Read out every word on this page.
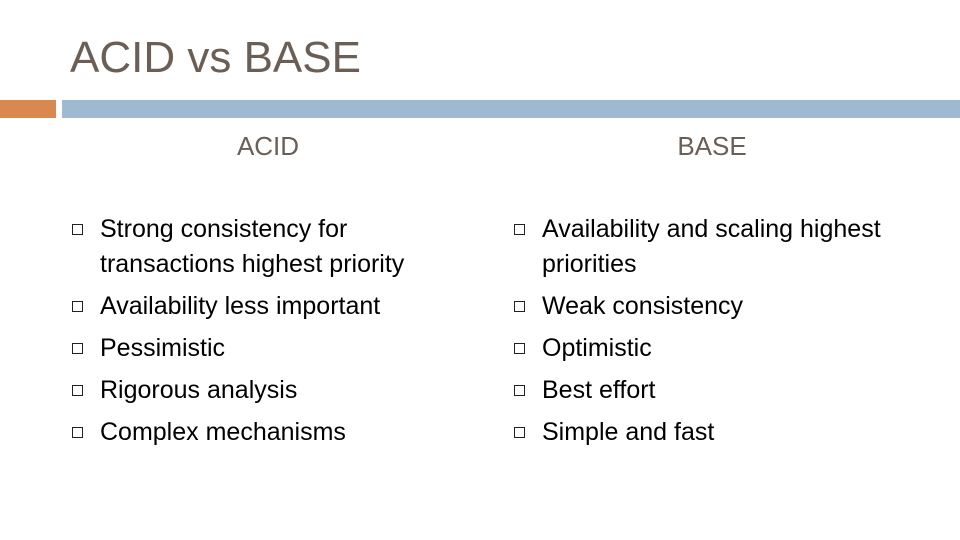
ACID vs BASE
ACID	BASE
Strong consistency for transactions highest priority
Availability less important
Pessimistic
Rigorous analysis
Complex mechanisms
Availability and scaling highest priorities
Weak consistency
Optimistic
Best effort
Simple and fast
